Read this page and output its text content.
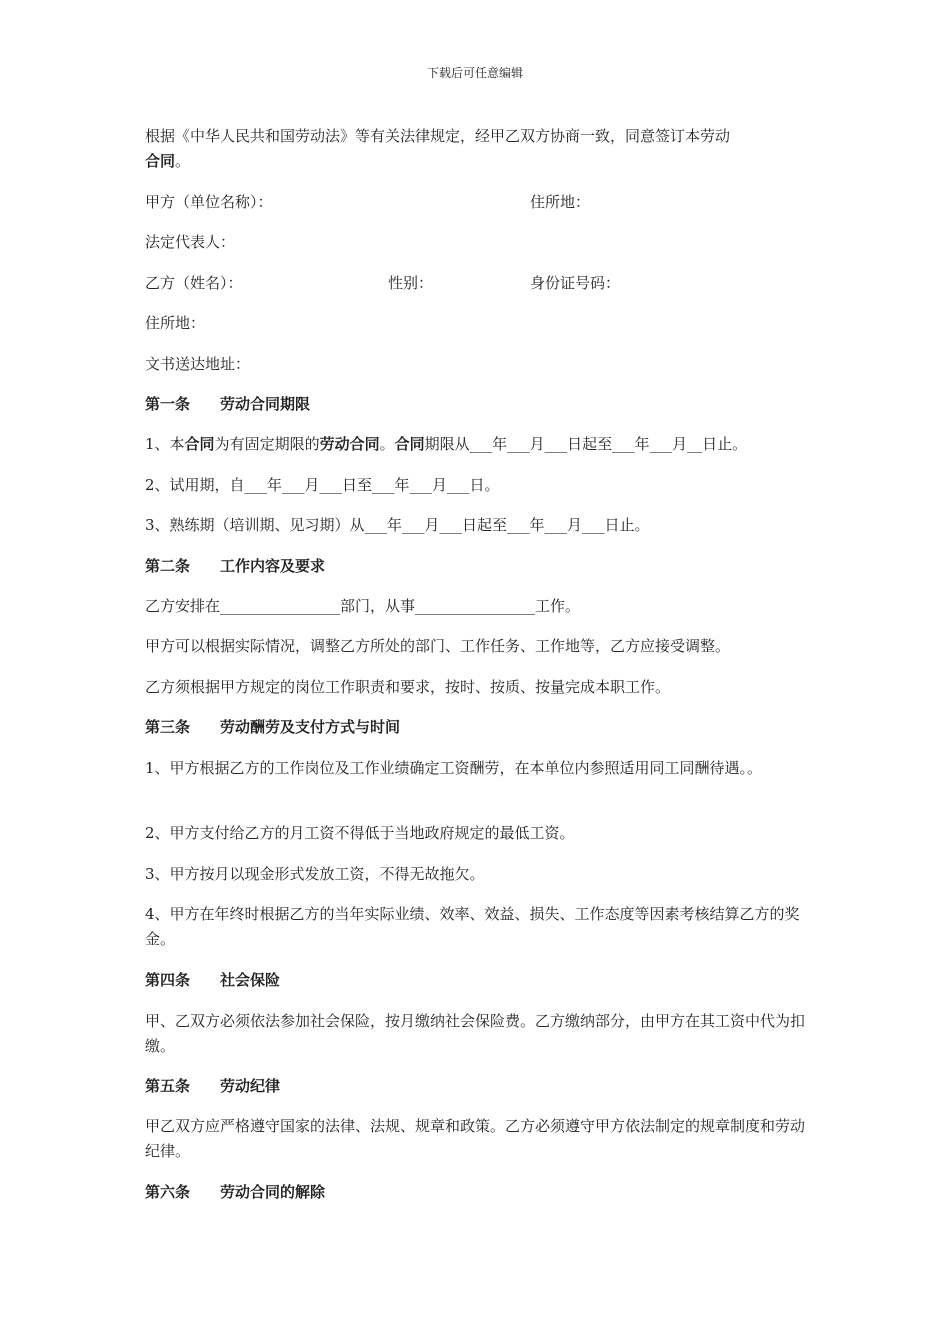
下载后可任意编辑
根据《中华人民共和国劳动法》等有关法律规定，经甲乙双方协商一致，同意签订本劳动
合同。
甲方（单位名称）：	住所地：
法定代表人：
乙方（姓名）：	性别：	身份证号码：
住所地：
文书送达地址：
第一条 劳动合同期限
1、本合同为有固定期限的劳动合同。合同期限从___年___月___日起至___年___月__日止。
2、试用期，自___年___月___日至___年___月___日。
3、熟练期（培训期、见习期）从___年___月___日起至___年___月___日止。
第二条 工作内容及要求
乙方安排在________________部门，从事________________工作。
甲方可以根据实际情况，调整乙方所处的部门、工作任务、工作地等，乙方应接受调整。
乙方须根据甲方规定的岗位工作职责和要求，按时、按质、按量完成本职工作。
第三条 劳动酬劳及支付方式与时间
1、甲方根据乙方的工作岗位及工作业绩确定工资酬劳，在本单位内参照适用同工同酬待遇。。
2、甲方支付给乙方的月工资不得低于当地政府规定的最低工资。
3、甲方按月以现金形式发放工资，不得无故拖欠。
4、甲方在年终时根据乙方的当年实际业绩、效率、效益、损失、工作态度等因素考核结算乙方的奖金。
第四条 社会保险
甲、乙双方必须依法参加社会保险，按月缴纳社会保险费。乙方缴纳部分，由甲方在其工资中代为扣缴。
第五条 劳动纪律
甲乙双方应严格遵守国家的法律、法规、规章和政策。乙方必须遵守甲方依法制定的规章制度和劳动纪律。
第六条 劳动合同的解除
